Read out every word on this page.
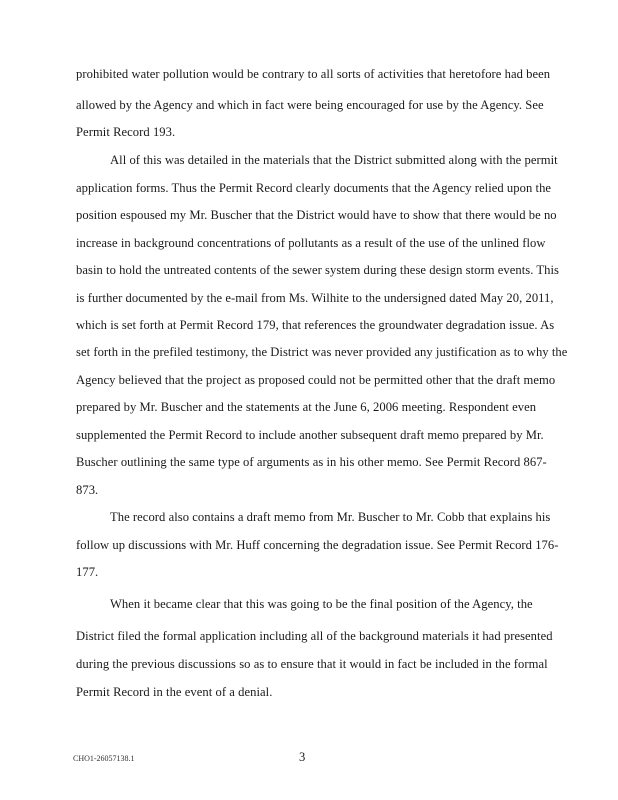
prohibited water pollution would be contrary to all sorts of activities that heretofore had been

allowed by the Agency and which in fact were being encouraged for use by the Agency. See

Permit Record 193.

All of this was detailed in the materials that the District submitted along with the permit

application forms. Thus the Permit Record clearly documents that the Agency relied upon the

position espoused my Mr. Buscher that the District would have to show that there would be no

increase in background concentrations of pollutants as a result of the use of the unlined flow

basin to hold the untreated contents of the sewer system during these design storm events. This

is further documented by the e-mail from Ms. Wilhite to the undersigned dated May 20, 2011,

which is set forth at Permit Record 179, that references the groundwater degradation issue. As

set forth in the prefiled testimony, the District was never provided any justification as to why the

Agency believed that the project as proposed could not be permitted other that the draft memo

prepared by Mr. Buscher and the statements at the June 6, 2006 meeting. Respondent even

supplemented the Permit Record to include another subsequent draft memo prepared by Mr.

Buscher outlining the same type of arguments as in his other memo. See Permit Record 867-

873.

The record also contains a draft memo from Mr. Buscher to Mr. Cobb that explains his

follow up discussions with Mr. Huff concerning the degradation issue. See Permit Record 176-

177.

When it became clear that this was going to be the final position of the Agency, the

District filed the formal application including all of the background materials it had presented

during the previous discussions so as to ensure that it would in fact be included in the formal

Permit Record in the event of a denial.

CHO1-26057138.1	3
